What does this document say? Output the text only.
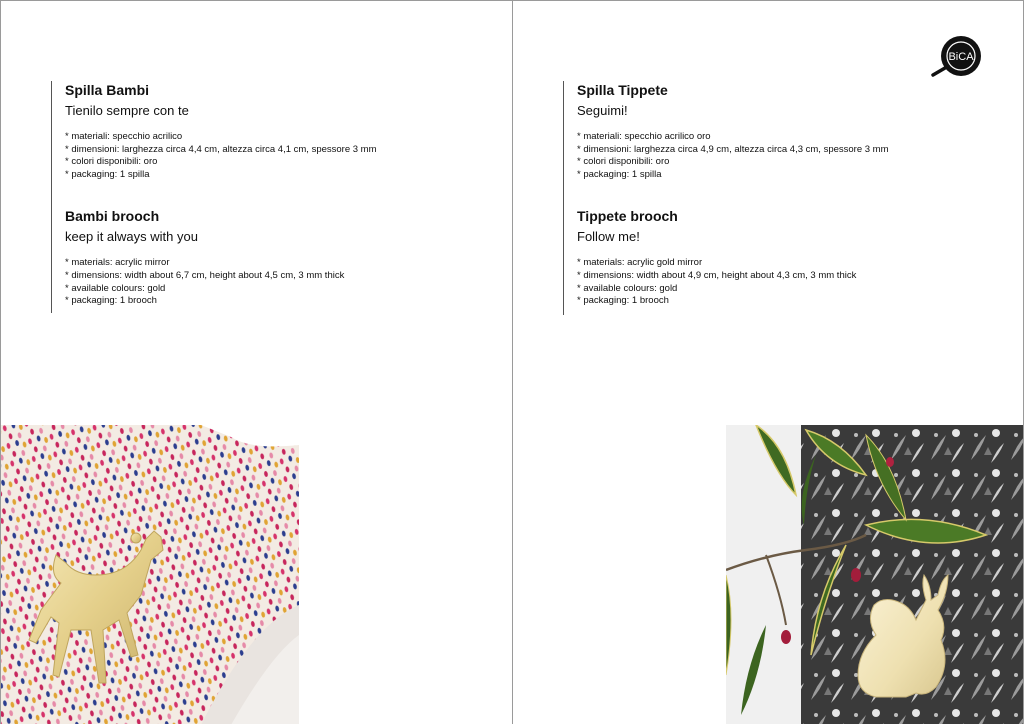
Spilla Bambi

Tienilo sempre con te

* materiali: specchio acrilico
* dimensioni: larghezza circa 4,4 cm, altezza circa 4,1 cm, spessore 3 mm
* colori disponibili: oro
* packaging: 1 spilla

Bambi brooch

keep it always with you

* materials: acrylic mirror
* dimensions: width about 6,7 cm, height about 4,5 cm, 3 mm thick
* available colours: gold
* packaging: 1 brooch

Spilla Tippete

Seguimi!

* materiali: specchio acrilico oro
* dimensioni: larghezza circa 4,9 cm, altezza circa 4,3 cm, spessore 3 mm
* colori disponibili: oro
* packaging: 1 spilla

Tippete brooch

Follow me!

* materials: acrylic gold mirror
* dimensions: width about 4,9 cm, height about 4,3 cm, 3 mm thick
* available colours: gold
* packaging: 1 brooch
BiCA
